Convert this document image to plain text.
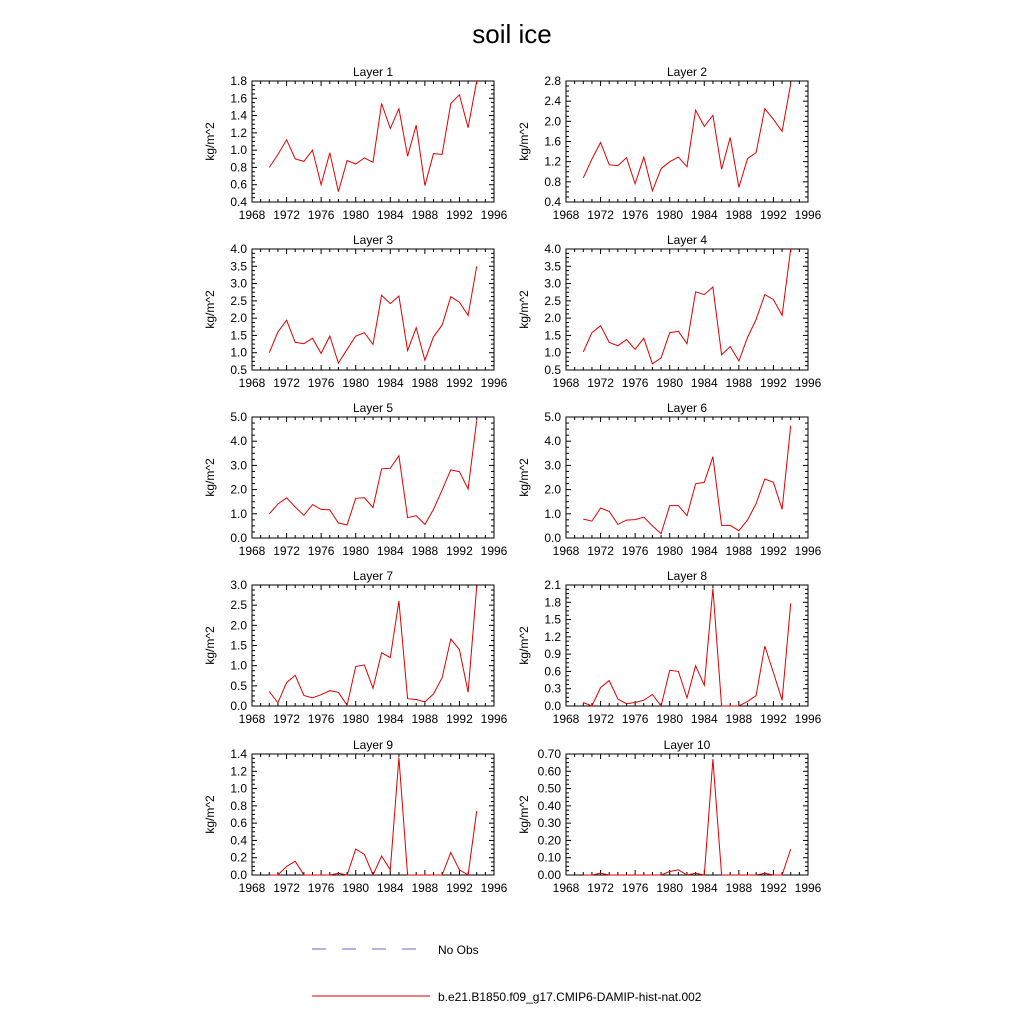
soil ice
Layer 1
kg/m^2
1968 1972 1976 1980 1984 1988 1992 1996
0.4
0.6
0.8
1.0
1.2
1.4
1.6
1.8
Layer 2
kg/m^2
1968 1972 1976 1980 1984 1988 1992 1996
0.4
0.8
1.2
1.6
2.0
2.4
2.8
Layer 3
kg/m^2
1968 1972 1976 1980 1984 1988 1992 1996
0.5
1.0
1.5
2.0
2.5
3.0
3.5
4.0
Layer 4
kg/m^2
1968 1972 1976 1980 1984 1988 1992 1996
0.5
1.0
1.5
2.0
2.5
3.0
3.5
4.0
Layer 5
kg/m^2
1968 1972 1976 1980 1984 1988 1992 1996
0.0
1.0
2.0
3.0
4.0
5.0
Layer 6
kg/m^2
1968 1972 1976 1980 1984 1988 1992 1996
0.0
1.0
2.0
3.0
4.0
5.0
Layer 7
kg/m^2
1968 1972 1976 1980 1984 1988 1992 1996
0.0
0.5
1.0
1.5
2.0
2.5
3.0
Layer 8
kg/m^2
1968 1972 1976 1980 1984 1988 1992 1996
0.0
0.3
0.6
0.9
1.2
1.5
1.8
2.1
Layer 9
kg/m^2
1968 1972 1976 1980 1984 1988 1992 1996
0.0
0.2
0.4
0.6
0.8
1.0
1.2
1.4
Layer 10
kg/m^2
1968 1972 1976 1980 1984 1988 1992 1996
0.00
0.10
0.20
0.30
0.40
0.50
0.60
0.70
No Obs
b.e21.B1850.f09_g17.CMIP6-DAMIP-hist-nat.002
